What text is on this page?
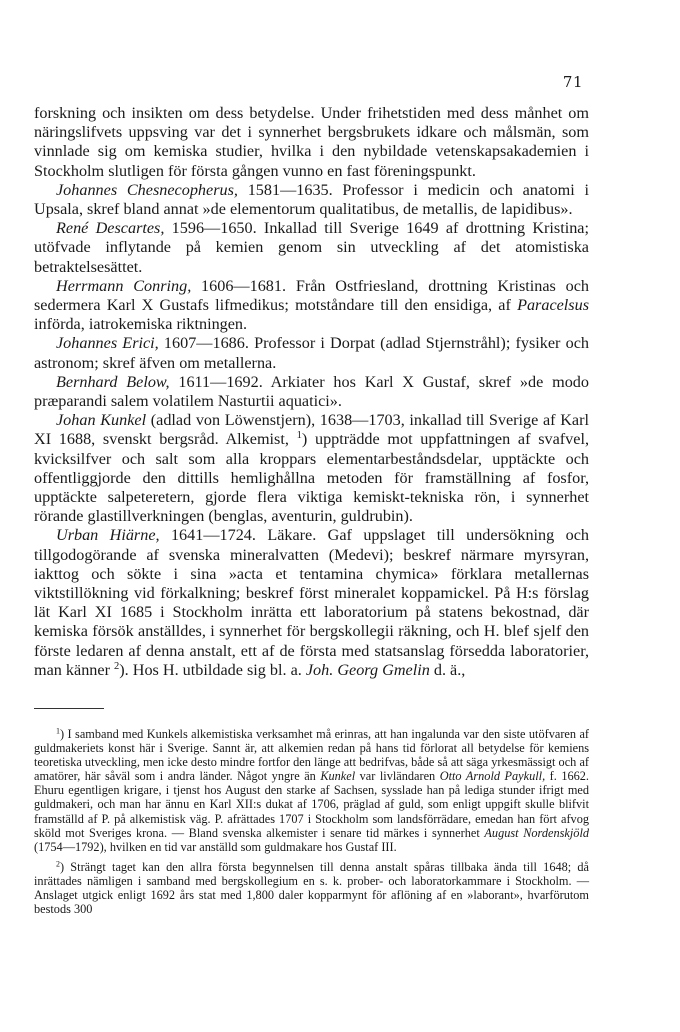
71

forskning och insikten om dess betydelse. Under frihetstiden med dess månhet om näringslifvets uppsving var det i synnerhet bergsbrukets idkare och målsmän, som vinnlade sig om kemiska studier, hvilka i den nybildade vetenskapsakademien i Stockholm slutligen för första gången vunno en fast föreningspunkt.

Johannes Chesnecopherus, 1581—1635. Professor i medicin och anatomi i Upsala, skref bland annat »de elementorum qualitatibus, de metallis, de lapidibus».

René Descartes, 1596—1650. Inkallad till Sverige 1649 af drottning Kristina; utöfvade inflytande på kemien genom sin utveckling af det atomistiska betraktelsesättet.

Herrmann Conring, 1606—1681. Från Ostfriesland, drottning Kristinas och sedermera Karl X Gustafs lifmedikus; motståndare till den ensidiga, af Paracelsus införda, iatrokemiska riktningen.

Johannes Erici, 1607—1686. Professor i Dorpat (adlad Stjernstråhl); fysiker och astronom; skref äfven om metallerna.

Bernhard Below, 1611—1692. Arkiater hos Karl X Gustaf, skref »de modo præparandi salem volatilem Nasturtii aquatici».

Johan Kunkel (adlad von Löwenstjern), 1638—1703, inkallad till Sverige af Karl XI 1688, svenskt bergsråd. Alkemist, $^1$) uppträdde mot uppfattningen af svafvel, kvicksilfver och salt som alla kroppars elementarbeståndsdelar, upptäckte och offentliggjorde den dittills hemlighållna metoden för framställning af fosfor, upptäckte salpeteretern, gjorde flera viktiga kemiskt-tekniska rön, i synnerhet rörande glastillverkningen (benglas, aventurin, guldrubin).

Urban Hiärne, 1641—1724. Läkare. Gaf uppslaget till undersökning och tillgodogörande af svenska mineralvatten (Medevi); beskref närmare myrsyran, iakttog och sökte i sina »acta et tentamina chymica» förklara metallernas viktstillökning vid förkalkning; beskref först mineralet koppamickel. På H:s förslag lät Karl XI 1685 i Stockholm inrätta ett laboratorium på statens bekostnad, där kemiska försök anställdes, i synnerhet för bergskollegii räkning, och H. blef sjelf den förste ledaren af denna anstalt, ett af de första med statsanslag försedda laboratorier, man känner $^2$). Hos H. utbildade sig bl. a. Joh. Georg Gmelin d. ä.,

$^1$) I samband med Kunkels alkemistiska verksamhet må erinras, att han ingalunda var den siste utöfvaren af guldmakeriets konst här i Sverige. Sannt är, att alkemien redan på hans tid förlorat all betydelse för kemiens teoretiska utveckling, men icke desto mindre fortfor den länge att bedrifvas, både så att säga yrkesmässigt och af amatörer, här såväl som i andra länder. Något yngre än Kunkel var livländaren Otto Arnold Paykull, f. 1662. Ehuru egentligen krigare, i tjenst hos August den starke af Sachsen, sysslade han på lediga stunder ifrigt med guldmakeri, och man har ännu en Karl XII:s dukat af 1706, präglad af guld, som enligt uppgift skulle blifvit framställd af P. på alkemistisk väg. P. afrättades 1707 i Stockholm som landsförrädare, emedan han fört afvog sköld mot Sveriges krona. — Bland svenska alkemister i senare tid märkes i synnerhet August Nordenskjöld (1754—1792), hvilken en tid var anställd som guldmakare hos Gustaf III.

$^2$) Strängt taget kan den allra första begynnelsen till denna anstalt spåras tillbaka ända till 1648; då inrättades nämligen i samband med bergskollegium en s. k. prober- och laboratorkammare i Stockholm. — Anslaget utgick enligt 1692 års stat med 1,800 daler kopparmynt för aflöning af en »laborant», hvarförutom bestods 300
